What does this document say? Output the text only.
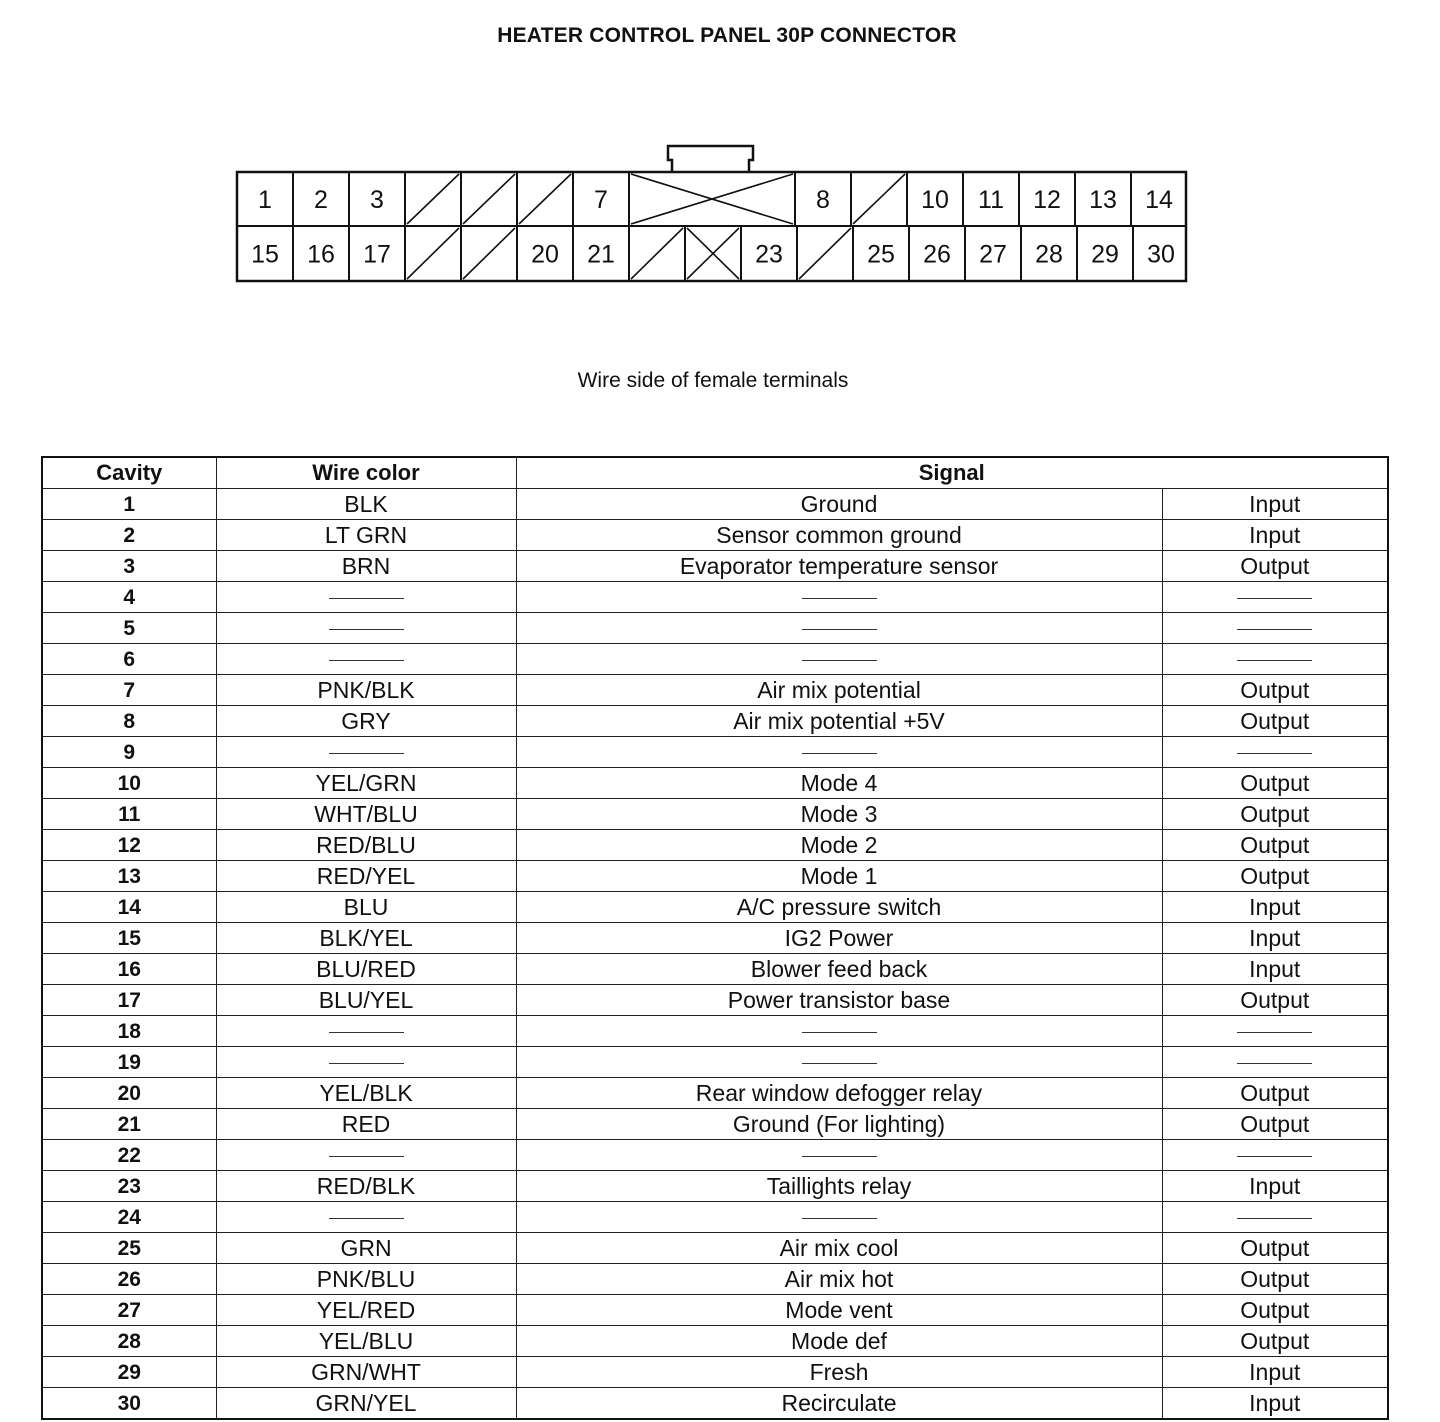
HEATER CONTROL PANEL 30P CONNECTOR
1 2 3	7	8	10 11 12 13 14
15 16 17	20 21	23	25 26 27 28 29 30
Wire side of female terminals
Cavity	Wire color	Signal	
1	BLK	Ground	Input
2	LT GRN	Sensor common ground	Input
3	BRN	Evaporator temperature sensor	Output
4			
5			
6			
7	PNK/BLK	Air mix potential	Output
8	GRY	Air mix potential +5V	Output
9			
10	YEL/GRN	Mode 4	Output
11	WHT/BLU	Mode 3	Output
12	RED/BLU	Mode 2	Output
13	RED/YEL	Mode 1	Output
14	BLU	A/C pressure switch	Input
15	BLK/YEL	IG2 Power	Input
16	BLU/RED	Blower feed back	Input
17	BLU/YEL	Power transistor base	Output
18			
19			
20	YEL/BLK	Rear window defogger relay	Output
21	RED	Ground (For lighting)	Output
22			
23	RED/BLK	Taillights relay	Input
24			
25	GRN	Air mix cool	Output
26	PNK/BLU	Air mix hot	Output
27	YEL/RED	Mode vent	Output
28	YEL/BLU	Mode def	Output
29	GRN/WHT	Fresh	Input
30	GRN/YEL	Recirculate	Input
